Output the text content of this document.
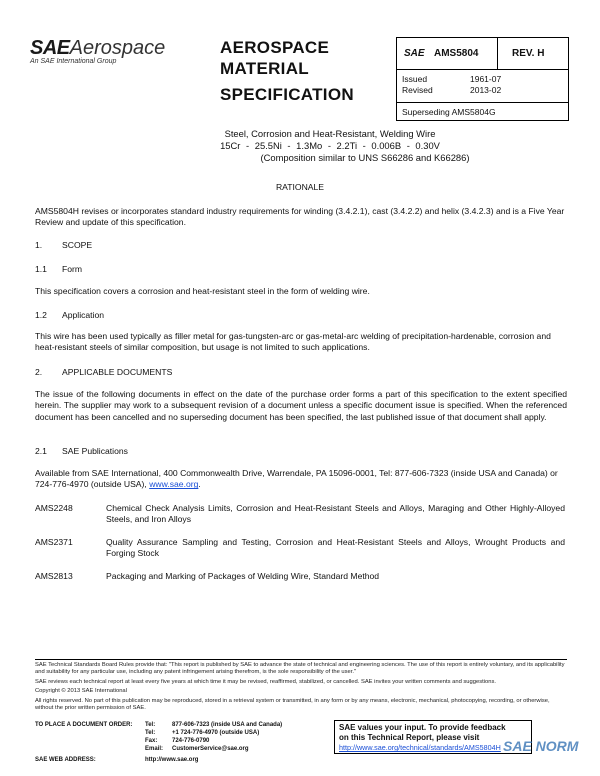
SAEAerospace
An SAE International Group
AEROSPACE
MATERIAL
SPECIFICATION
SAE AMS5804	REV. H
Issued	1961-07
Revised	2013-02
Superseding AMS5804G
Steel, Corrosion and Heat-Resistant, Welding Wire
15Cr - 25.5Ni - 1.3Mo - 2.2Ti - 0.006B - 0.30V
(Composition similar to UNS S66286 and K66286)
RATIONALE
AMS5804H revises or incorporates standard industry requirements for winding (3.4.2.1), cast (3.4.2.2) and helix (3.4.2.3) and is a Five Year Review and update of this specification.
1. SCOPE
1.1 Form
This specification covers a corrosion and heat-resistant steel in the form of welding wire.
1.2 Application
This wire has been used typically as filler metal for gas-tungsten-arc or gas-metal-arc welding of precipitation-hardenable, corrosion and heat-resistant steels of similar composition, but usage is not limited to such applications.
2. APPLICABLE DOCUMENTS
The issue of the following documents in effect on the date of the purchase order forms a part of this specification to the extent specified herein. The supplier may work to a subsequent revision of a document unless a specific document issue is specified. When the referenced document has been cancelled and no superseding document has been specified, the last published issue of that document shall apply.
2.1 SAE Publications
Available from SAE International, 400 Commonwealth Drive, Warrendale, PA 15096-0001, Tel: 877-606-7323 (inside USA and Canada) or 724-776-4970 (outside USA), www.sae.org.
AMS2248	Chemical Check Analysis Limits, Corrosion and Heat-Resistant Steels and Alloys, Maraging and Other Highly-Alloyed Steels, and Iron Alloys
AMS2371	Quality Assurance Sampling and Testing, Corrosion and Heat-Resistant Steels and Alloys, Wrought Products and Forging Stock
AMS2813	Packaging and Marking of Packages of Welding Wire, Standard Method
SAE Technical Standards Board Rules provide that: "This report is published by SAE to advance the state of technical and engineering sciences. The use of this report is entirely voluntary, and its applicability and suitability for any particular use, including any patent infringement arising therefrom, is the sole responsibility of the user."
SAE reviews each technical report at least every five years at which time it may be revised, reaffirmed, stabilized, or cancelled. SAE invites your written comments and suggestions.
Copyright © 2013 SAE International
All rights reserved. No part of this publication may be reproduced, stored in a retrieval system or transmitted, in any form or by any means, electronic, mechanical, photocopying, recording, or otherwise, without the prior written permission of SAE.
TO PLACE A DOCUMENT ORDER: Tel:	877-606-7323 (inside USA and Canada)
Tel:	+1 724-776-4970 (outside USA)
Fax: 724-776-0790
Email: CustomerService@sae.org
SAE WEB ADDRESS:	http://www.sae.org
SAE values your input. To provide feedback
on this Technical Report, please visit
http://www.sae.org/technical/standards/AMS5804H SAE NORM
